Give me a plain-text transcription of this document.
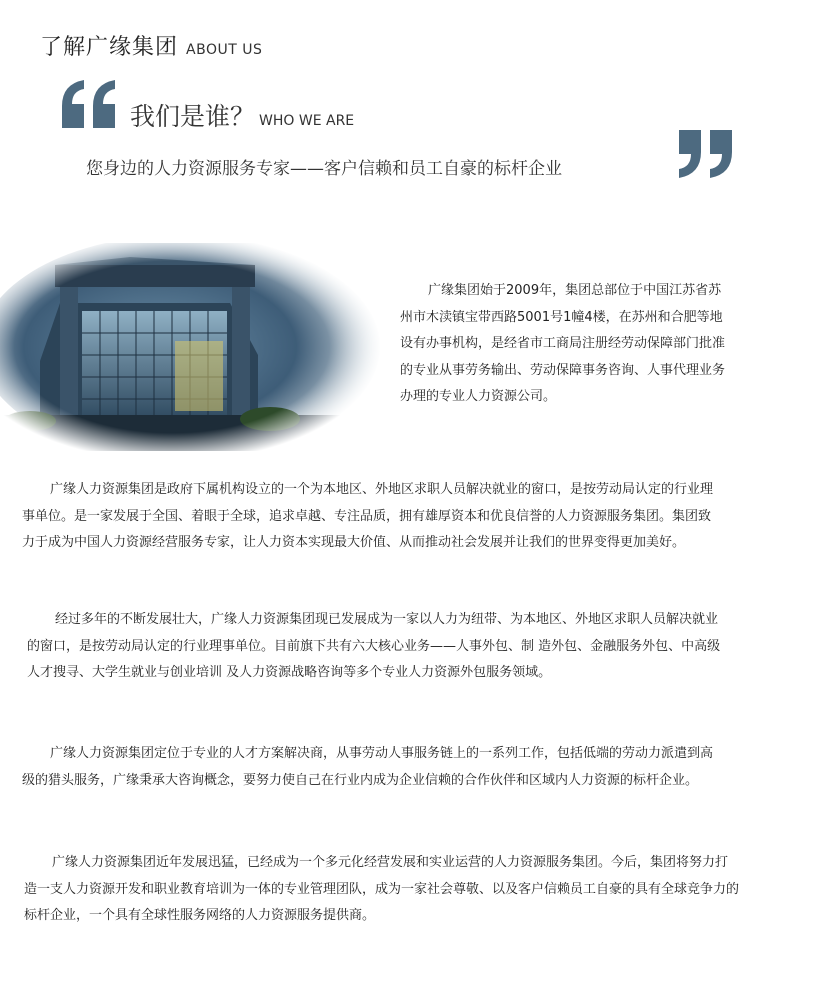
了解广缘集团 ABOUT US
我们是谁？ WHO WE ARE
您身边的人力资源服务专家——客户信赖和员工自豪的标杆企业

广缘集团始于2009年，集团总部位于中国江苏省苏州市木渎镇宝带西路5001号1幢4楼，在苏州和合肥等地设有办事机构，是经省市工商局注册经劳动保障部门批准的专业从事劳务输出、劳动保障事务咨询、人事代理业务办理的专业人力资源公司。

广缘人力资源集团是政府下属机构设立的一个为本地区、外地区求职人员解决就业的窗口，是按劳动局认定的行业理事单位。是一家发展于全国、着眼于全球，追求卓越、专注品质，拥有雄厚资本和优良信誉的人力资源服务集团。集团致力于成为中国人力资源经营服务专家，让人力资本实现最大价值、从而推动社会发展并让我们的世界变得更加美好。

经过多年的不断发展壮大，广缘人力资源集团现已发展成为一家以人力为纽带、为本地区、外地区求职人员解决就业的窗口，是按劳动局认定的行业理事单位。目前旗下共有六大核心业务——人事外包、制 造外包、金融服务外包、中高级人才搜寻、大学生就业与创业培训 及人力资源战略咨询等多个专业人力资源外包服务领域。

广缘人力资源集团定位于专业的人才方案解决商，从事劳动人事服务链上的一系列工作，包括低端的劳动力派遣到高级的猎头服务，广缘秉承大咨询概念，要努力使自己在行业内成为企业信赖的合作伙伴和区域内人力资源的标杆企业。

广缘人力资源集团近年发展迅猛，已经成为一个多元化经营发展和实业运营的人力资源服务集团。今后，集团将努力打造一支人力资源开发和职业教育培训为一体的专业管理团队，成为一家社会尊敬、以及客户信赖员工自豪的具有全球竞争力的标杆企业，一个具有全球性服务网络的人力资源服务提供商。
